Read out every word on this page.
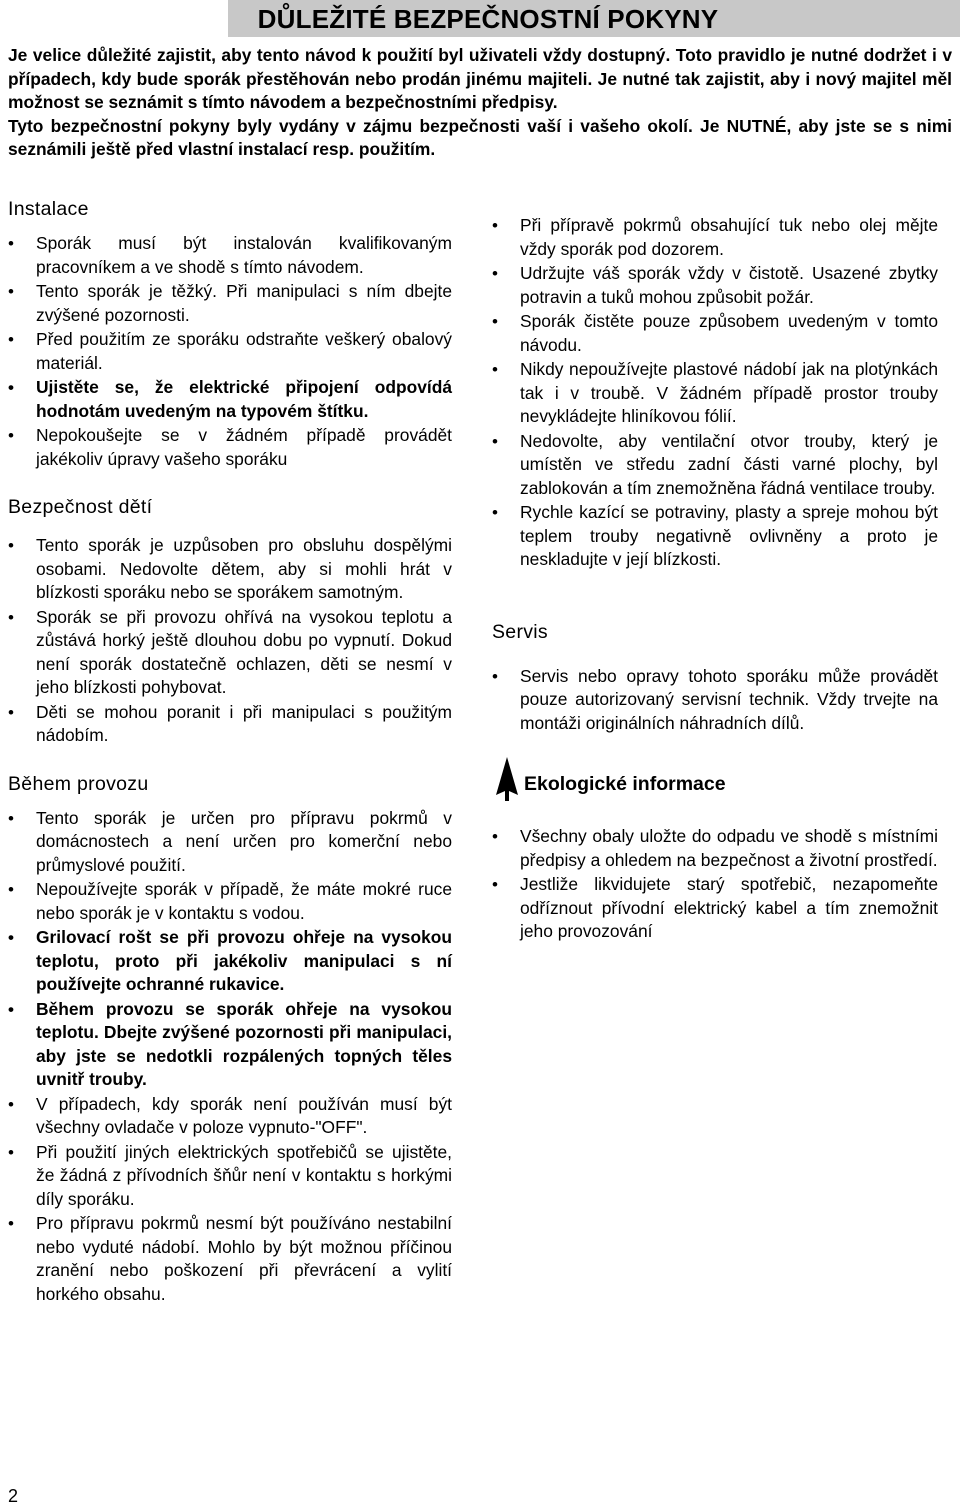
DŮLEŽITÉ BEZPEČNOSTNÍ POKYNY

Je velice důležité zajistit, aby tento návod k použití byl uživateli vždy dostupný. Toto pravidlo je nutné dodržet i v případech, kdy bude sporák přestěhován nebo prodán jinému majiteli. Je nutné tak zajistit, aby i nový majitel měl možnost se seznámit s tímto návodem a bezpečnostními předpisy.

Tyto bezpečnostní pokyny byly vydány v zájmu bezpečnosti vaší i vašeho okolí. Je NUTNÉ, aby jste se s nimi seznámili ještě před vlastní instalací resp. použitím.

Instalace
• Sporák musí být instalován kvalifikovaným pracovníkem a ve shodě s tímto návodem.
• Tento sporák je těžký. Při manipulaci s ním dbejte zvýšené pozornosti.
• Před použitím ze sporáku odstraňte veškerý obalový materiál.
• Ujistěte se, že elektrické připojení odpovídá hodnotám uvedeným na typovém štítku.
• Nepokoušejte se v žádném případě provádět jakékoliv úpravy vašeho sporáku
Bezpečnost dětí
• Tento sporák je uzpůsoben pro obsluhu dospělými osobami. Nedovolte dětem, aby si mohli hrát v blízkosti sporáku nebo se sporákem samotným.
• Sporák se při provozu ohřívá na vysokou teplotu a zůstává horký ještě dlouhou dobu po vypnutí. Dokud není sporák dostatečně ochlazen, děti se nesmí v jeho blízkosti pohybovat.
• Děti se mohou poranit i při manipulaci s použitým nádobím.
Během provozu
• Tento sporák je určen pro přípravu pokrmů v domácnostech a není určen pro komerční nebo průmyslové použití.
• Nepoužívejte sporák v případě, že máte mokré ruce nebo sporák je v kontaktu s vodou.
• Grilovací rošt se při provozu ohřeje na vysokou teplotu, proto při jakékoliv manipulaci s ní používejte ochranné rukavice.
• Během provozu se sporák ohřeje na vysokou teplotu. Dbejte zvýšené pozornosti při manipulaci, aby jste se nedotkli rozpálených topných těles uvnitř trouby.
• V případech, kdy sporák není používán musí být všechny ovladače v poloze vypnuto-"OFF".
• Při použití jiných elektrických spotřebičů se ujistěte, že žádná z přívodních šňůr není v kontaktu s horkými díly sporáku.
• Pro přípravu pokrmů nesmí být používáno nestabilní nebo vyduté nádobí. Mohlo by být možnou příčinou zranění nebo poškození při převrácení a vylití horkého obsahu.
• Při přípravě pokrmů obsahující tuk nebo olej mějte vždy sporák pod dozorem.
• Udržujte váš sporák vždy v čistotě. Usazené zbytky potravin a tuků mohou způsobit požár.
• Sporák čistěte pouze způsobem uvedeným v tomto návodu.
• Nikdy nepoužívejte plastové nádobí jak na plotýnkách tak i v troubě. V žádném případě prostor trouby nevykládejte hliníkovou fólií.
• Nedovolte, aby ventilační otvor trouby, který je umístěn ve středu zadní části varné plochy, byl zablokován a tím znemožněna řádná ventilace trouby.
• Rychle kazící se potraviny, plasty a spreje mohou být teplem trouby negativně ovlivněny a proto je neskladujte v její blízkosti.
Servis
• Servis nebo opravy tohoto sporáku může provádět pouze autorizovaný servisní technik. Vždy trvejte na montáži originálních náhradních dílů.
Ekologické informace
• Všechny obaly uložte do odpadu ve shodě s místními předpisy a ohledem na bezpečnost a životní prostředí.
• Jestliže likvidujete starý spotřebič, nezapomeňte odříznout přívodní elektrický kabel a tím znemožnit jeho provozování
2
